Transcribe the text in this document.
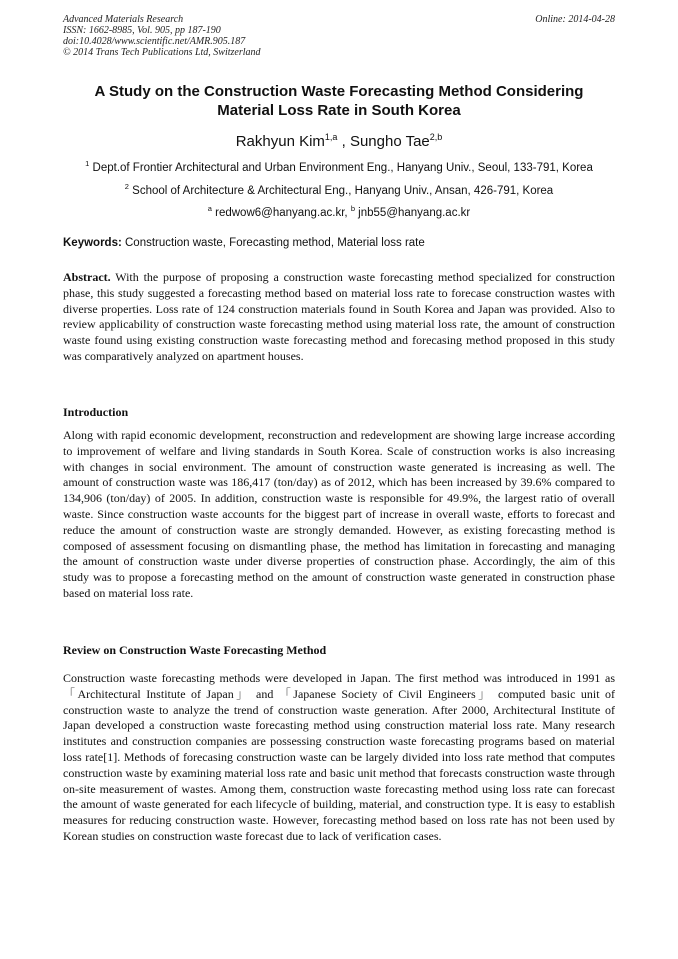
Advanced Materials Research
ISSN: 1662-8985, Vol. 905, pp 187-190
doi:10.4028/www.scientific.net/AMR.905.187
© 2014 Trans Tech Publications Ltd, Switzerland
Online: 2014-04-28
A Study on the Construction Waste Forecasting Method Considering
Material Loss Rate in South Korea
Rakhyun Kim$^{1,a}$ , Sungho Tae$^{2,b}$
$^1$ Dept.of Frontier Architectural and Urban Environment Eng., Hanyang Univ., Seoul, 133-791, Korea
$^2$ School of Architecture & Architectural Eng., Hanyang Univ., Ansan, 426-791, Korea
$^a$ redwow6@hanyang.ac.kr, $^b$ jnb55@hanyang.ac.kr
Keywords: Construction waste, Forecasting method, Material loss rate
Abstract. With the purpose of proposing a construction waste forecasting method specialized for construction phase, this study suggested a forecasting method based on material loss rate to forecase construction wastes with diverse properties. Loss rate of 124 construction materials found in South Korea and Japan was provided. Also to review applicability of construction waste forecasting method using material loss rate, the amount of construction waste found using existing construction waste forecasting method and forecasing method proposed in this study was comparatively analyzed on apartment houses.
Introduction
Along with rapid economic development, reconstruction and redevelopment are showing large increase according to improvement of welfare and living standards in South Korea. Scale of construction works is also increasing with changes in social environment. The amount of construction waste generated is increasing as well. The amount of construction waste was 186,417 (ton/day) as of 2012, which has been increased by 39.6% compared to 134,906 (ton/day) of 2005. In addition, construction waste is responsible for 49.9%, the largest ratio of overall waste. Since construction waste accounts for the biggest part of increase in overall waste, efforts to forecast and reduce the amount of construction waste are strongly demanded. However, as existing forecasting method is composed of assessment focusing on dismantling phase, the method has limitation in forecasting and managing the amount of construction waste under diverse properties of construction phase. Accordingly, the aim of this study was to propose a forecasting method on the amount of construction waste generated in construction phase based on material loss rate.
Review on Construction Waste Forecasting Method
Construction waste forecasting methods were developed in Japan. The first method was introduced in 1991 as 「Architectural Institute of Japan」 and 「Japanese Society of Civil Engineers」 computed basic unit of construction waste to analyze the trend of construction waste generation. After 2000, Architectural Institute of Japan developed a construction waste forecasting method using construction material loss rate. Many research institutes and construction companies are possessing construction waste forecasting programs based on material loss rate[1]. Methods of forecasing construction waste can be largely divided into loss rate method that computes construction waste by examining material loss rate and basic unit method that forecasts construction waste through on-site measurement of wastes. Among them, construction waste forecasting method using loss rate can forecast the amount of waste generated for each lifecycle of building, material, and construction type. It is easy to establish measures for reducing construction waste. However, forecasting method based on loss rate has not been used by Korean studies on construction waste forecast due to lack of verification cases.
